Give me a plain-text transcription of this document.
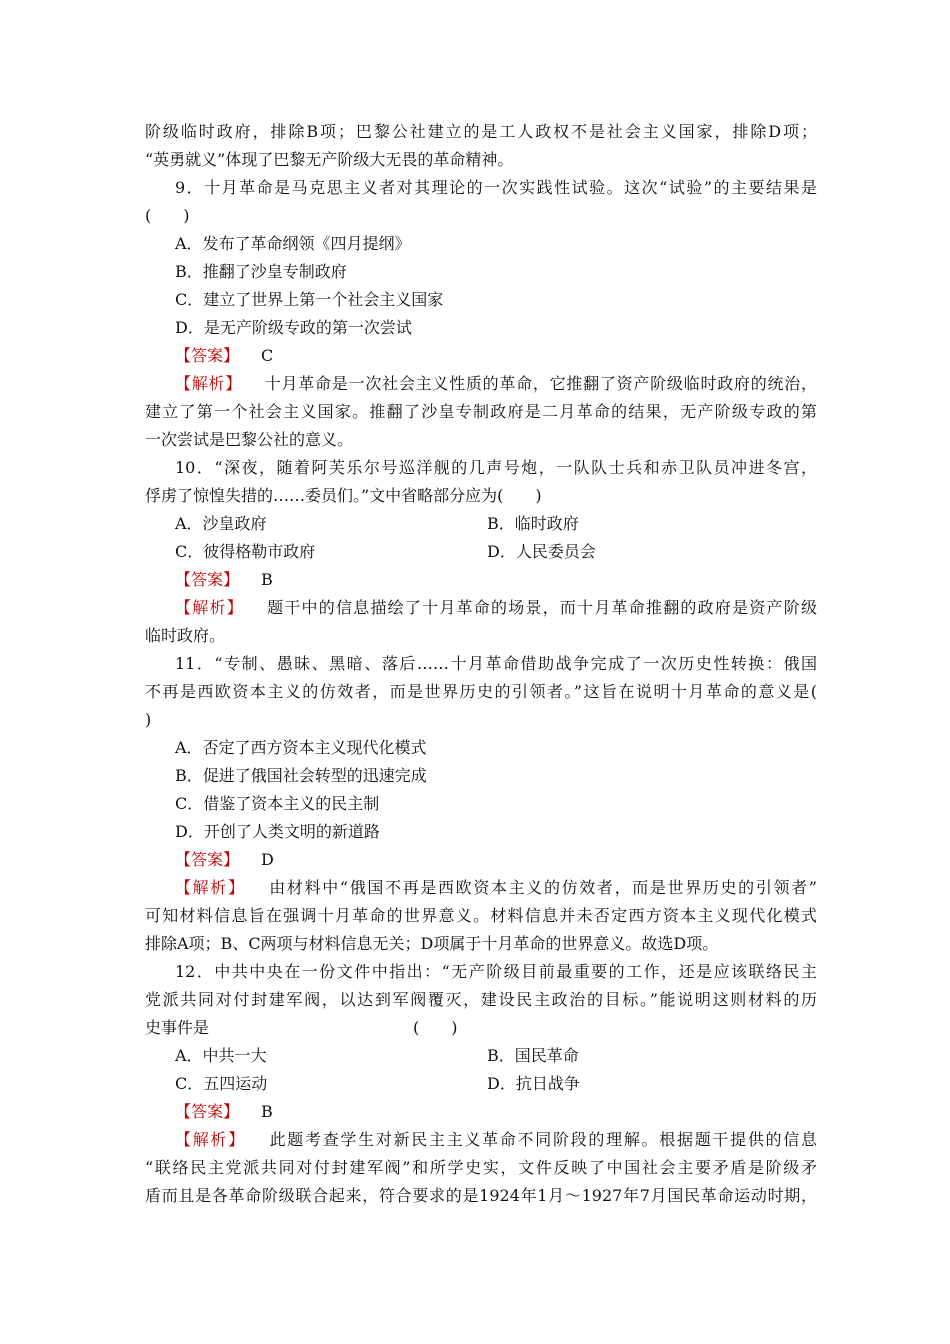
阶级临时政府，排除B项；巴黎公社建立的是工人政权不是社会主义国家，排除D项；
“英勇就义”体现了巴黎无产阶级大无畏的革命精神。
9．十月革命是马克思主义者对其理论的一次实践性试验。这次“试验”的主要结果是
(　　)
A．发布了革命纲领《四月提纲》
B．推翻了沙皇专制政府
C．建立了世界上第一个社会主义国家
D．是无产阶级专政的第一次尝试
【答案】 C
【解析】 十月革命是一次社会主义性质的革命，它推翻了资产阶级临时政府的统治，
建立了第一个社会主义国家。推翻了沙皇专制政府是二月革命的结果，无产阶级专政的第
一次尝试是巴黎公社的意义。
10．“深夜，随着阿芙乐尔号巡洋舰的几声号炮，一队队士兵和赤卫队员冲进冬宫，
俘虏了惊惶失措的……委员们。”文中省略部分应为(　　)
A．沙皇政府	B．临时政府
C．彼得格勒市政府	D．人民委员会
【答案】 B
【解析】 题干中的信息描绘了十月革命的场景，而十月革命推翻的政府是资产阶级
临时政府。
11．“专制、愚昧、黑暗、落后……十月革命借助战争完成了一次历史性转换：俄国
不再是西欧资本主义的仿效者，而是世界历史的引领者。”这旨在说明十月革命的意义是(
)
A．否定了西方资本主义现代化模式
B．促进了俄国社会转型的迅速完成
C．借鉴了资本主义的民主制
D．开创了人类文明的新道路
【答案】 D
【解析】 由材料中“俄国不再是西欧资本主义的仿效者，而是世界历史的引领者”
可知材料信息旨在强调十月革命的世界意义。材料信息并未否定西方资本主义现代化模式
排除A项；B、C两项与材料信息无关；D项属于十月革命的世界意义。故选D项。
12．中共中央在一份文件中指出：“无产阶级目前最重要的工作，还是应该联络民主
党派共同对付封建军阀，以达到军阀覆灭，建设民主政治的目标。”能说明这则材料的历
史事件是	(　　)
A．中共一大	B．国民革命
C．五四运动	D．抗日战争
【答案】 B
【解析】 此题考查学生对新民主主义革命不同阶段的理解。根据题干提供的信息
“联络民主党派共同对付封建军阀”和所学史实，文件反映了中国社会主要矛盾是阶级矛
盾而且是各革命阶级联合起来，符合要求的是1924年1月～1927年7月国民革命运动时期，
